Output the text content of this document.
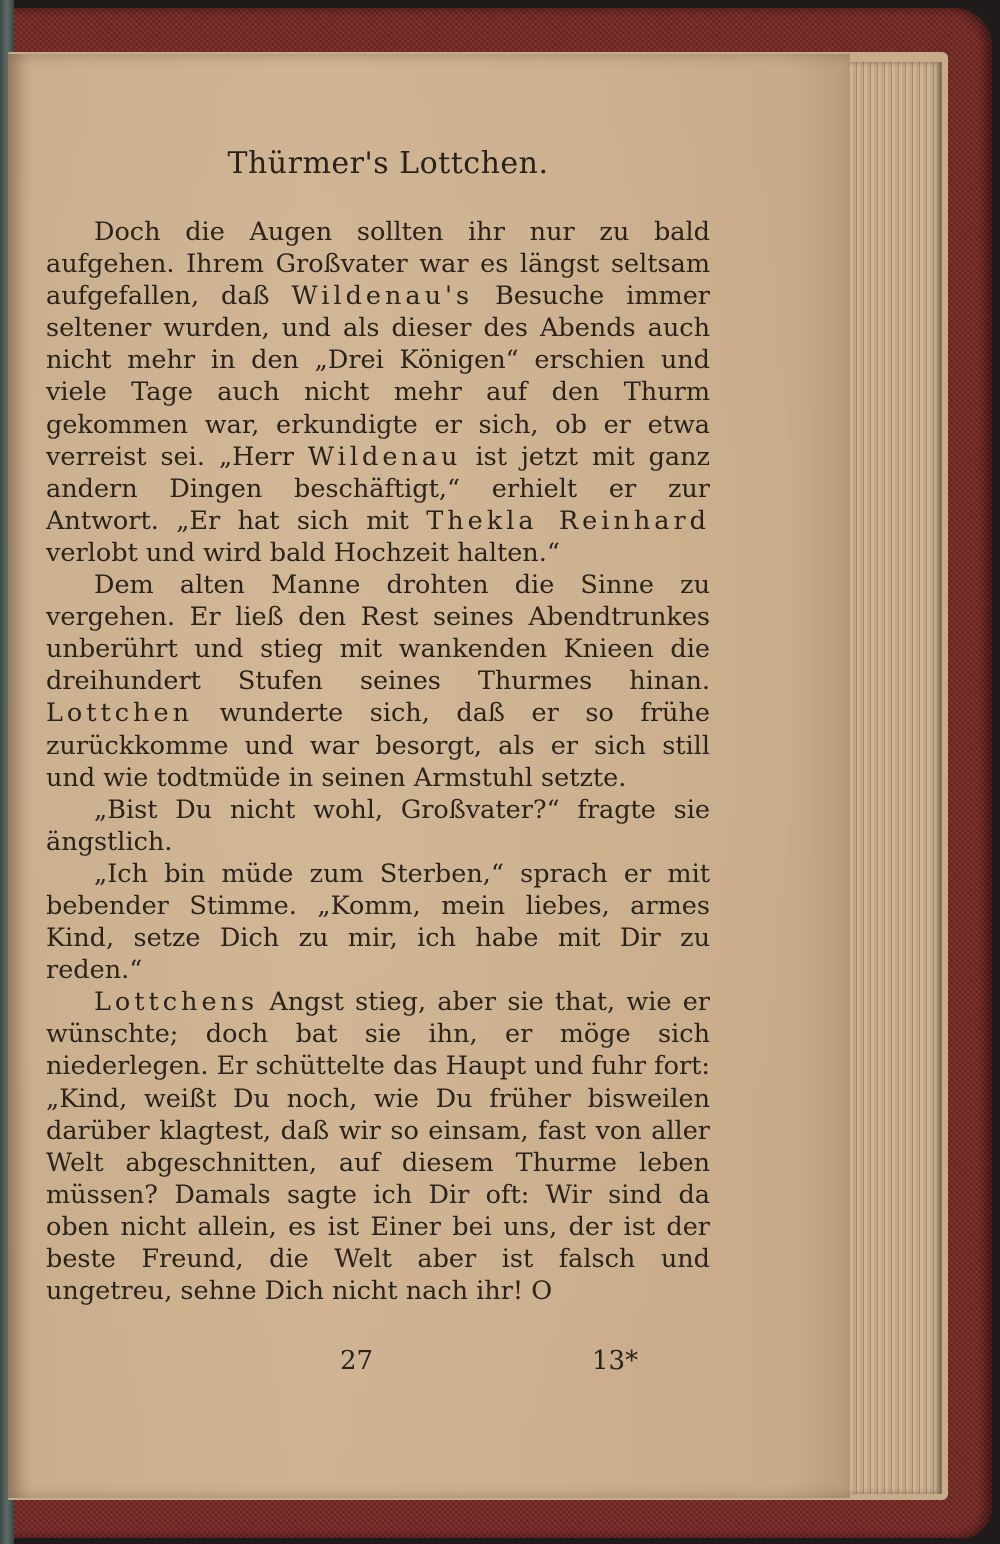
Thürmer's Lottchen.

Doch die Augen sollten ihr nur zu bald aufgehen. Ihrem Großvater war es längst seltsam aufgefallen, daß Wildenau's Besuche immer seltener wurden, und als dieser des Abends auch nicht mehr in den „Drei Königen“ erschien und viele Tage auch nicht mehr auf den Thurm gekommen war, erkundigte er sich, ob er etwa verreist sei. „Herr Wildenau ist jetzt mit ganz andern Dingen beschäftigt,“ erhielt er zur Antwort. „Er hat sich mit Thekla Reinhard verlobt und wird bald Hochzeit halten.“

Dem alten Manne drohten die Sinne zu vergehen. Er ließ den Rest seines Abendtrunkes unberührt und stieg mit wankenden Knieen die dreihundert Stufen seines Thurmes hinan. Lottchen wunderte sich, daß er so frühe zurückkomme und war besorgt, als er sich still und wie todtmüde in seinen Armstuhl setzte.

„Bist Du nicht wohl, Großvater?“ fragte sie ängstlich.

„Ich bin müde zum Sterben,“ sprach er mit bebender Stimme. „Komm, mein liebes, armes Kind, setze Dich zu mir, ich habe mit Dir zu reden.“

Lottchens Angst stieg, aber sie that, wie er wünschte; doch bat sie ihn, er möge sich niederlegen. Er schüttelte das Haupt und fuhr fort: „Kind, weißt Du noch, wie Du früher bisweilen darüber klagtest, daß wir so einsam, fast von aller Welt abgeschnitten, auf diesem Thurme leben müssen? Damals sagte ich Dir oft: Wir sind da oben nicht allein, es ist Einer bei uns, der ist der beste Freund, die Welt aber ist falsch und ungetreu, sehne Dich nicht nach ihr! O

27	13*
